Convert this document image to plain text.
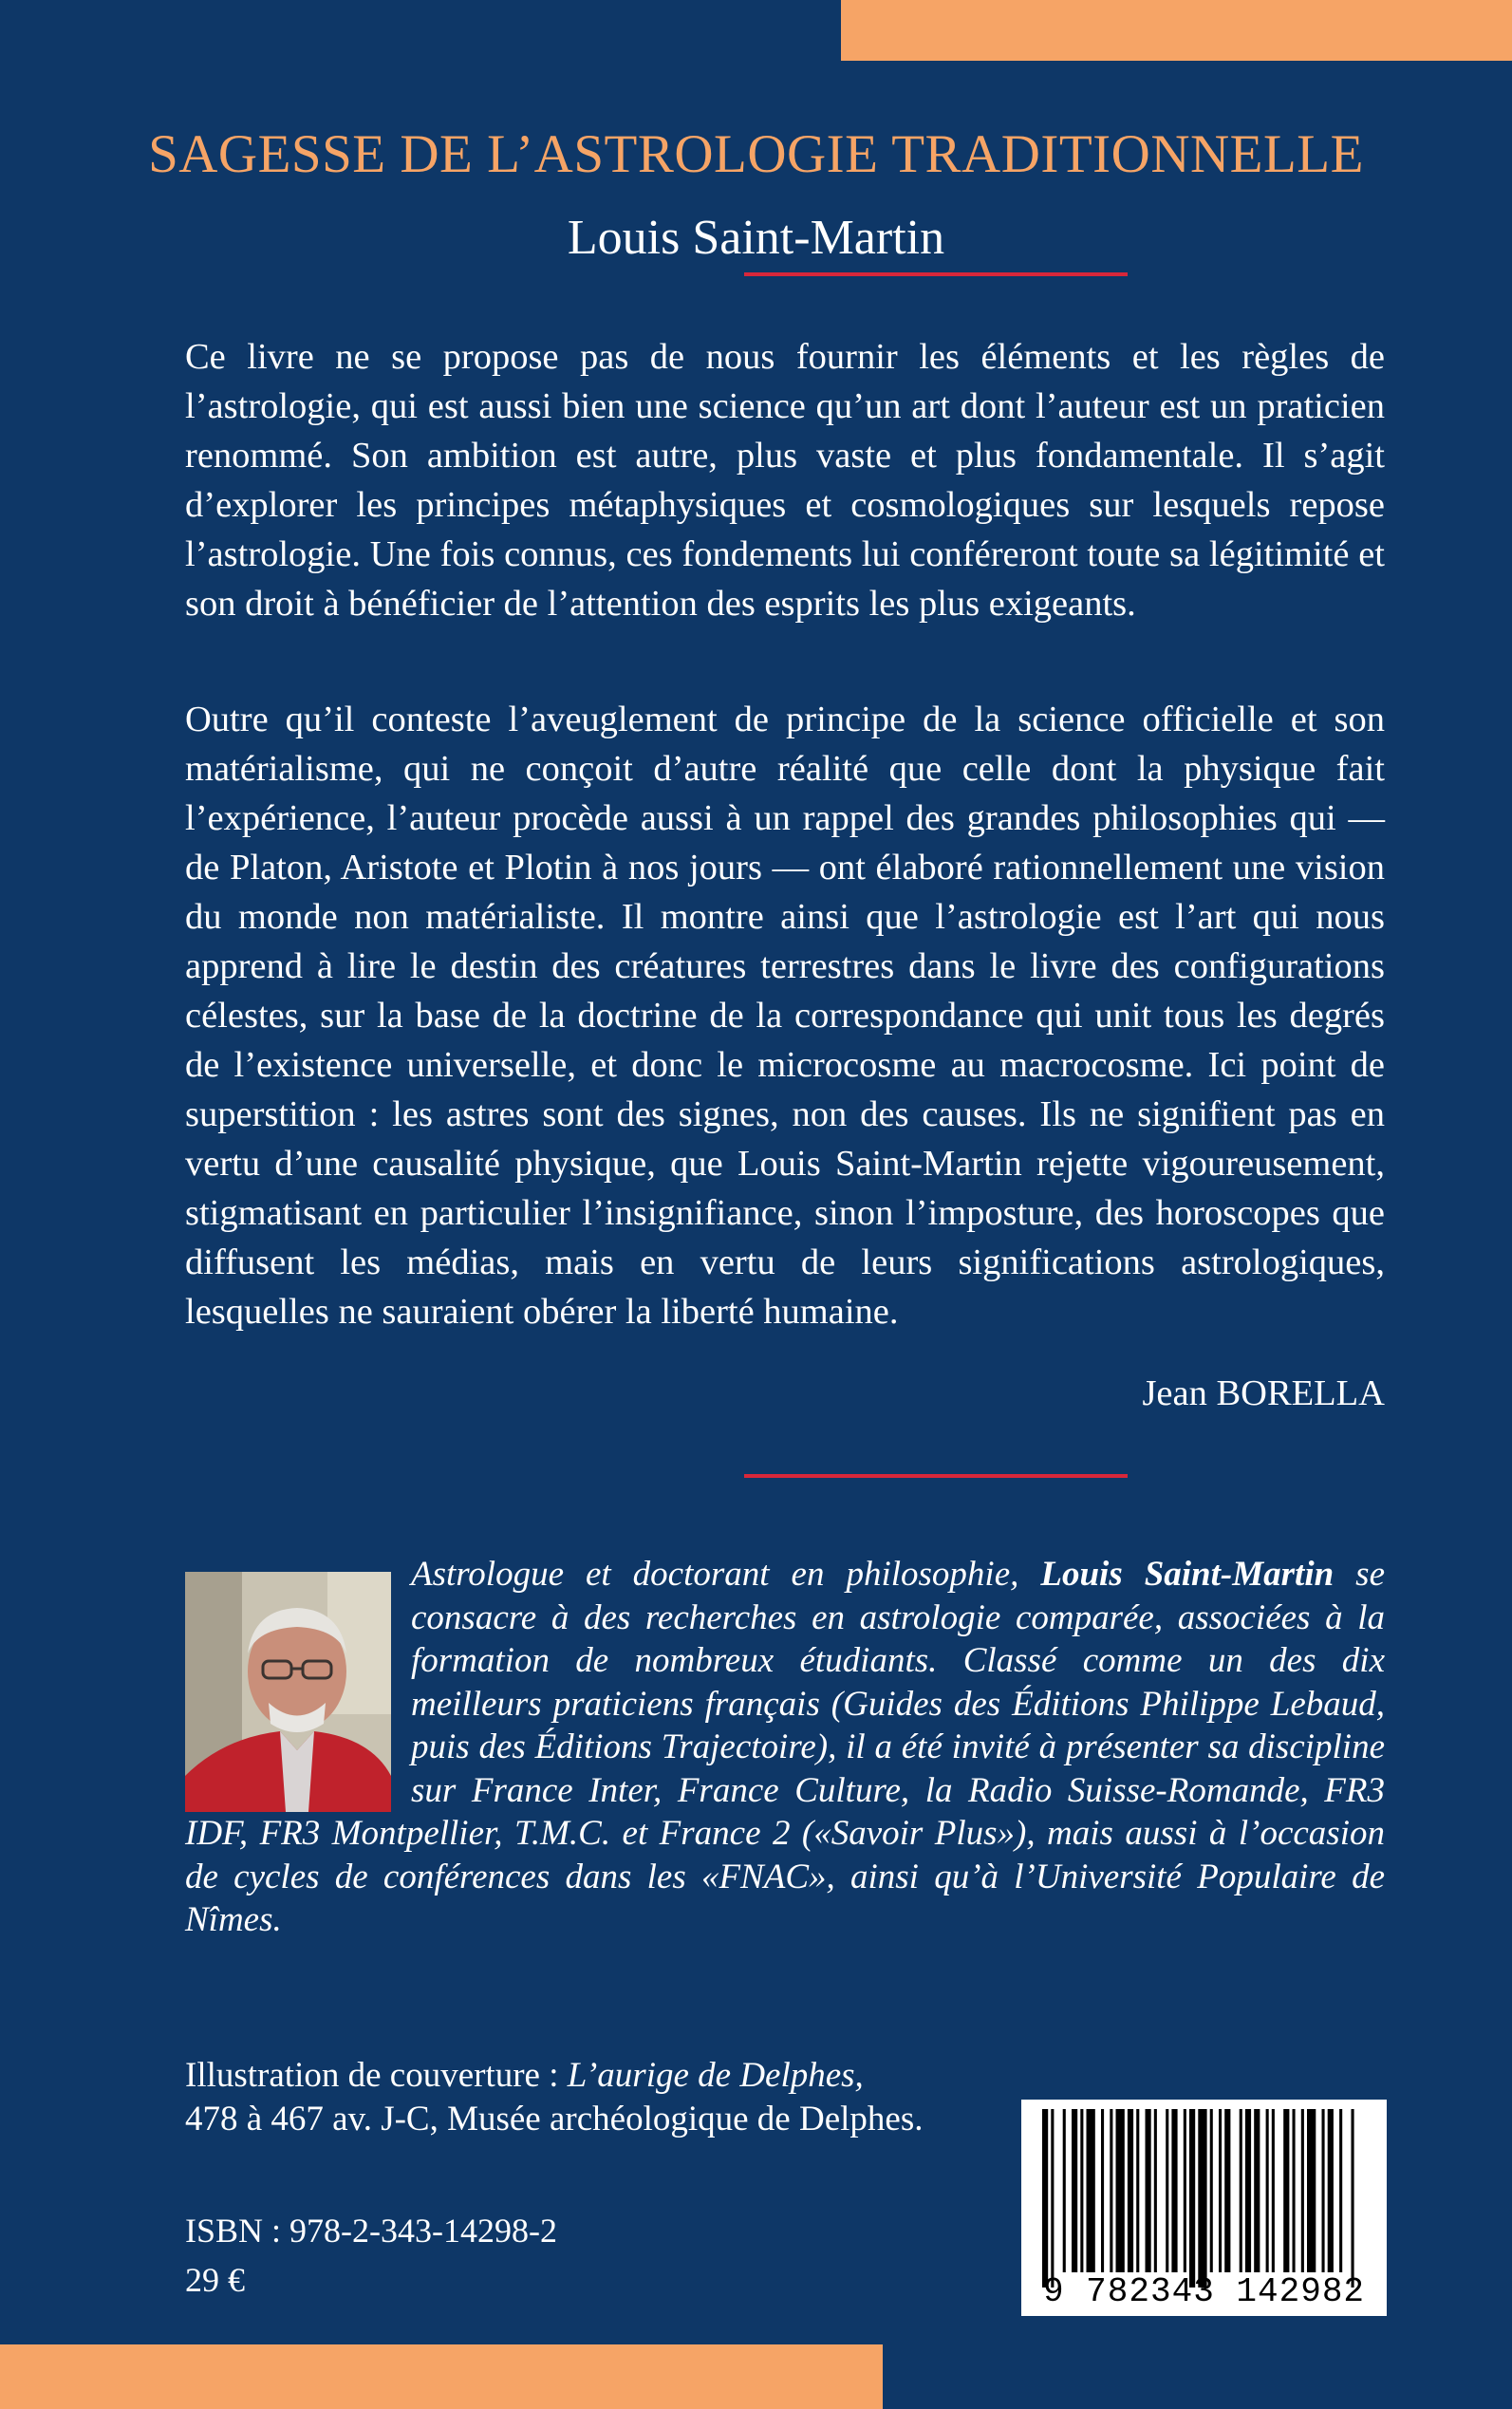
SAGESSE DE L’ASTROLOGIE TRADITIONNELLE
Louis Saint-Martin

Ce livre ne se propose pas de nous fournir les éléments et les règles de l’astrologie, qui est aussi bien une science qu’un art dont l’auteur est un praticien renommé. Son ambition est autre, plus vaste et plus fondamentale. Il s’agit d’explorer les principes métaphysiques et cosmologiques sur lesquels repose l’astrologie. Une fois connus, ces fondements lui conféreront toute sa légitimité et son droit à bénéficier de l’attention des esprits les plus exigeants.

Outre qu’il conteste l’aveuglement de principe de la science officielle et son matérialisme, qui ne conçoit d’autre réalité que celle dont la physique fait l’expérience, l’auteur procède aussi à un rappel des grandes philosophies qui — de Platon, Aristote et Plotin à nos jours — ont élaboré rationnellement une vision du monde non matérialiste. Il montre ainsi que l’astrologie est l’art qui nous apprend à lire le destin des créatures terrestres dans le livre des configurations célestes, sur la base de la doctrine de la correspondance qui unit tous les degrés de l’existence universelle, et donc le microcosme au macrocosme. Ici point de superstition : les astres sont des signes, non des causes. Ils ne signifient pas en vertu d’une causalité physique, que Louis Saint-Martin rejette vigoureusement, stigmatisant en particulier l’insignifiance, sinon l’imposture, des horoscopes que diffusent les médias, mais en vertu de leurs significations astrologiques, lesquelles ne sauraient obérer la liberté humaine.

Jean BORELLA
Astrologue et doctorant en philosophie, Louis Saint-Martin se consacre à des recherches en astrologie comparée, associées à la formation de nombreux étudiants. Classé comme un des dix meilleurs praticiens français (Guides des Éditions Philippe Lebaud, puis des Éditions Trajectoire), il a été invité à présenter sa discipline sur France Inter, France Culture, la Radio Suisse-Romande, FR3 IDF, FR3 Montpellier, T.M.C. et France 2 («Savoir Plus»), mais aussi à l’occasion de cycles de conférences dans les «FNAC», ainsi qu’à l’Université Populaire de Nîmes.
Illustration de couverture : L’aurige de Delphes,
478 à 467 av. J-C, Musée archéologique de Delphes.
ISBN : 978-2-343-14298-2
29 €	9 782343 142982
